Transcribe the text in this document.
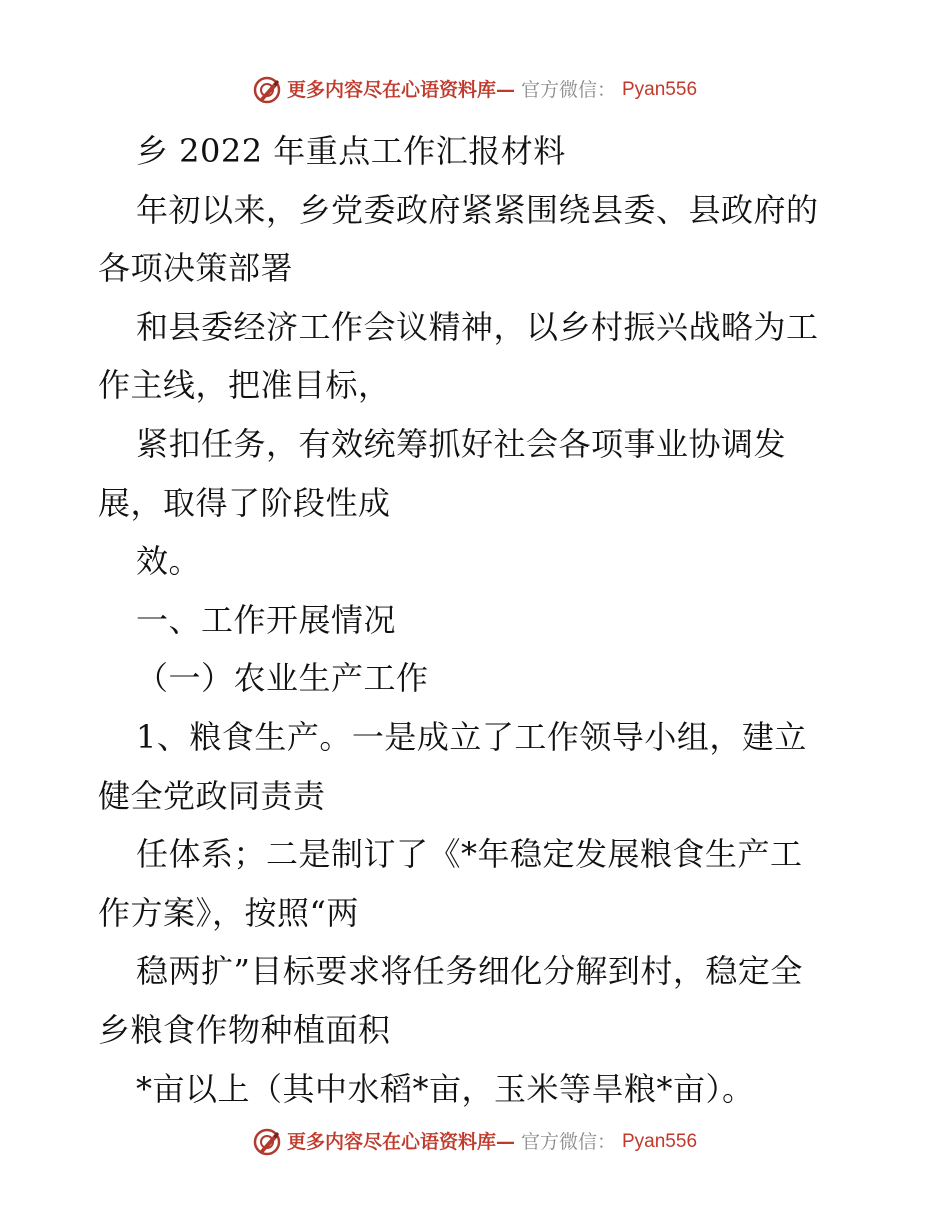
更多内容尽在心语资料库— 官方微信： Pyan556
乡 2022 年重点工作汇报材料
年初以来，乡党委政府紧紧围绕县委、县政府的
各项决策部署
和县委经济工作会议精神，以乡村振兴战略为工
作主线，把准目标，
紧扣任务，有效统筹抓好社会各项事业协调发
展，取得了阶段性成
效。
一、工作开展情况
（一）农业生产工作
1、粮食生产。一是成立了工作领导小组，建立
健全党政同责责
任体系；二是制订了《*年稳定发展粮食生产工
作方案》，按照“两
稳两扩”目标要求将任务细化分解到村，稳定全
乡粮食作物种植面积
*亩以上（其中水稻*亩，玉米等旱粮*亩）。
更多内容尽在心语资料库— 官方微信： Pyan556
